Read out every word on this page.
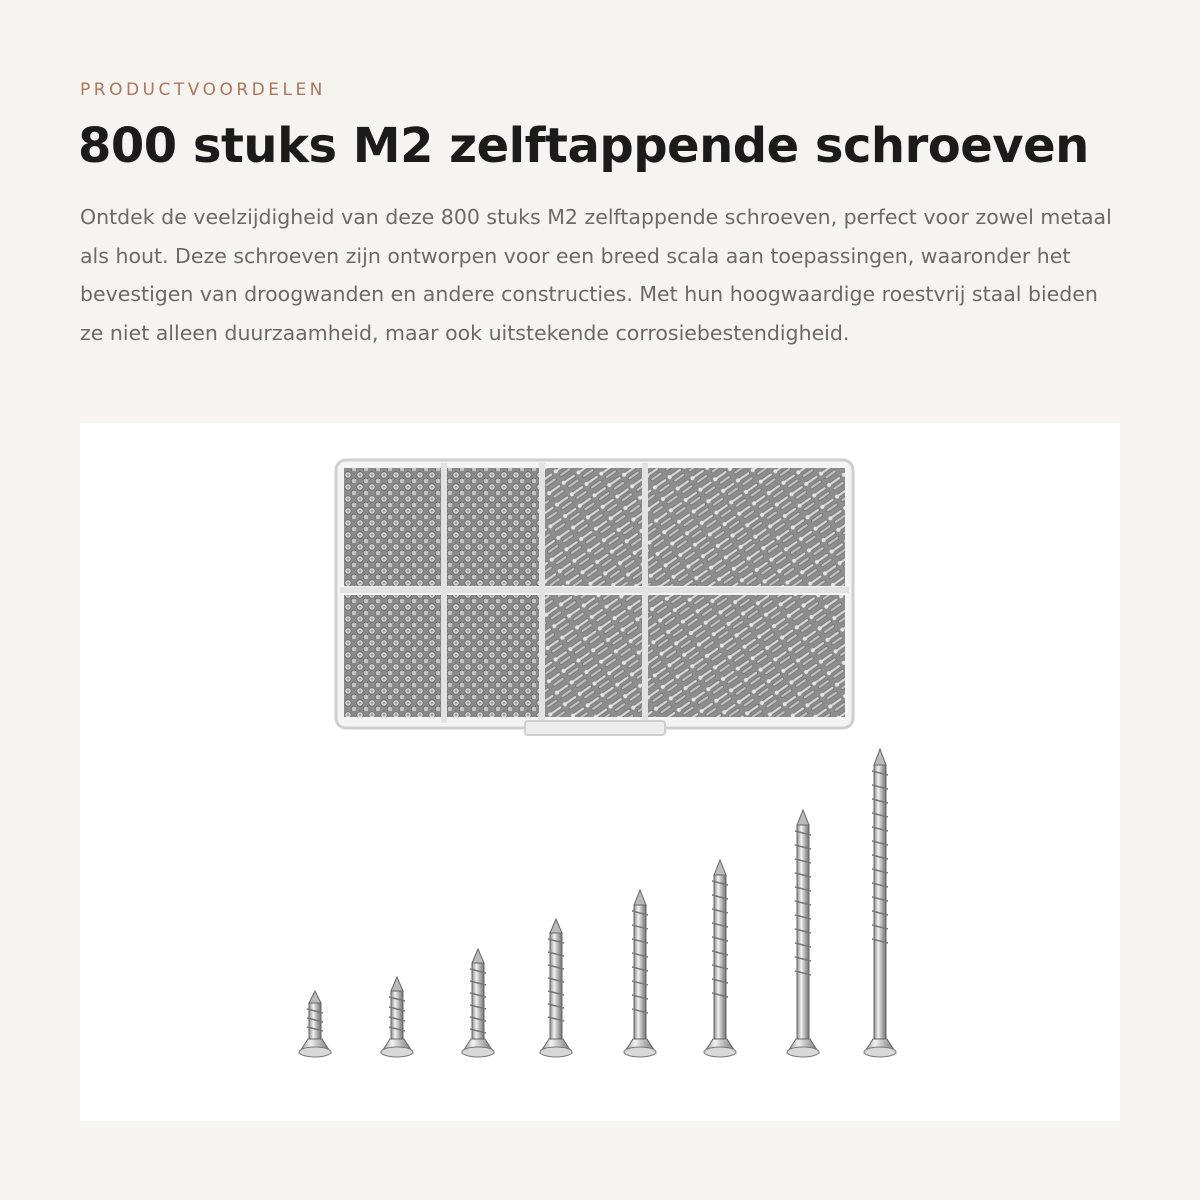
PRODUCTVOORDELEN
800 stuks M2 zelftappende schroeven

Ontdek de veelzijdigheid van deze 800 stuks M2 zelftappende schroeven, perfect voor zowel metaal als hout. Deze schroeven zijn ontworpen voor een breed scala aan toepassingen, waaronder het bevestigen van droogwanden en andere constructies. Met hun hoogwaardige roestvrij staal bieden ze niet alleen duurzaamheid, maar ook uitstekende corrosiebestendigheid.
